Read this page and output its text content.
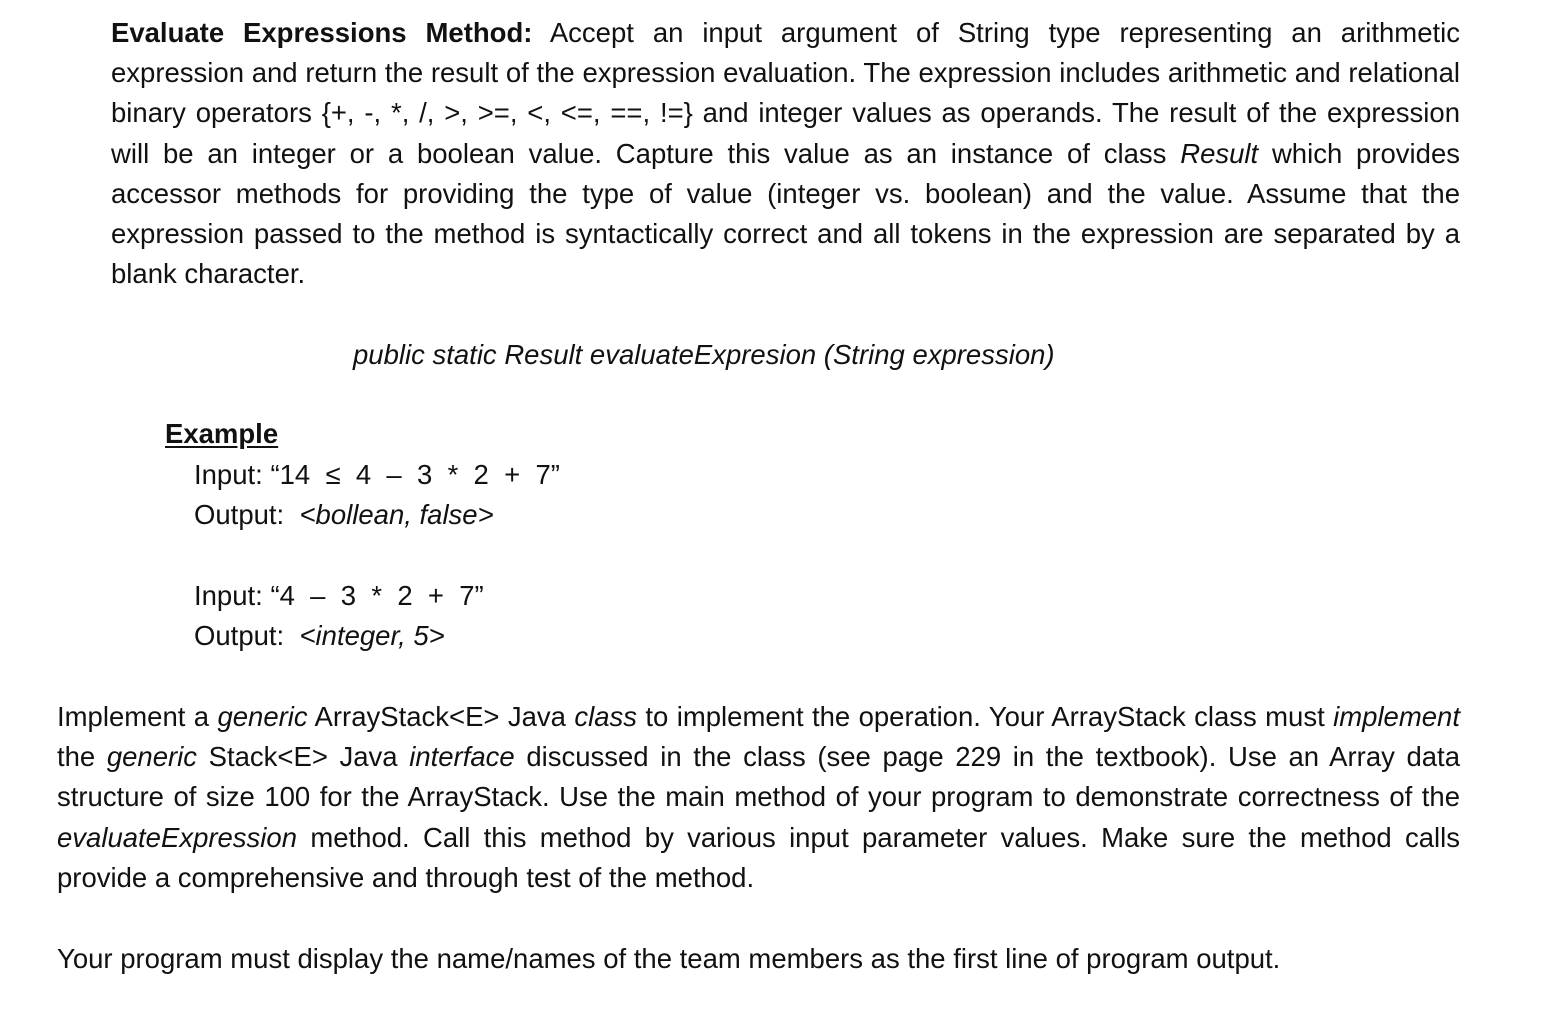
Evaluate Expressions Method: Accept an input argument of String type representing an arithmetic expression and return the result of the expression evaluation. The expression includes arithmetic and relational binary operators {+, -, *, /, >, >=, <, <=, ==, !=} and integer values as operands. The result of the expression will be an integer or a boolean value. Capture this value as an instance of class Result which provides accessor methods for providing the type of value (integer vs. boolean) and the value. Assume that the expression passed to the method is syntactically correct and all tokens in the expression are separated by a blank character.

public static Result evaluateExpresion (String expression)

Example
Input: “14  ≤  4  –  3  *  2  +  7”
Output:  <bollean, false>
Input: “4  –  3  *  2  +  7”
Output:  <integer, 5>

Implement a generic ArrayStack<E> Java class to implement the operation. Your ArrayStack class must implement the generic Stack<E> Java interface discussed in the class (see page 229 in the textbook). Use an Array data structure of size 100 for the ArrayStack. Use the main method of your program to demonstrate correctness of the evaluateExpression method. Call this method by various input parameter values. Make sure the method calls provide a comprehensive and through test of the method.

Your program must display the name/names of the team members as the first line of program output.
